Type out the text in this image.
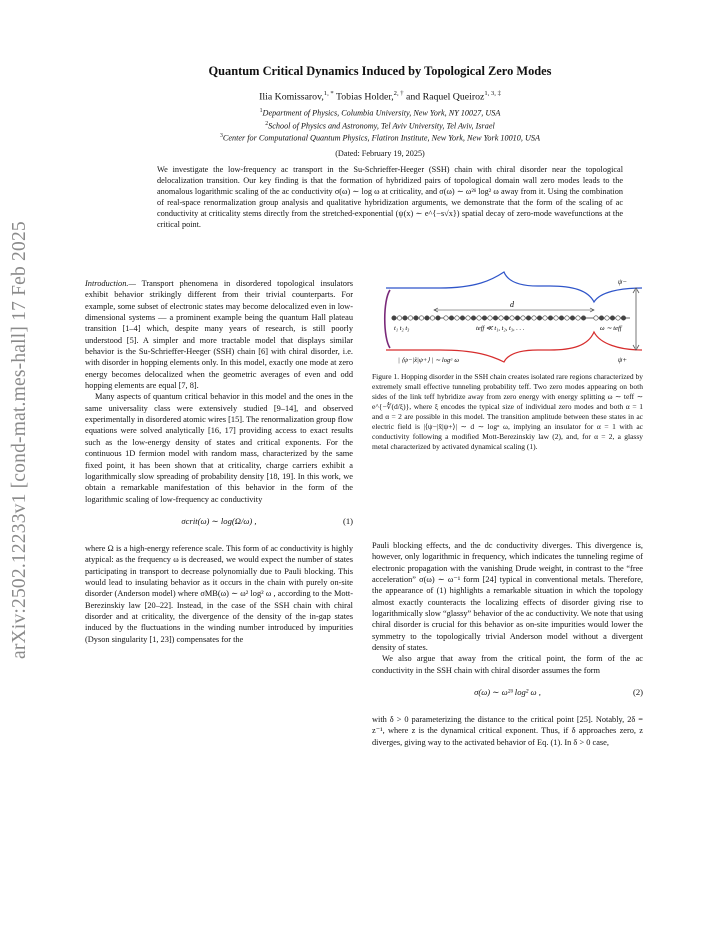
arXiv:2502.12233v1 [cond-mat.mes-hall] 17 Feb 2025
Quantum Critical Dynamics Induced by Topological Zero Modes
Ilia Komissarov,$^{1, *}$ Tobias Holder,$^{2, \dagger}$ and Raquel Queiroz$^{1, 3, \ddagger}$
$^1$Department of Physics, Columbia University, New York, NY 10027, USA
$^2$School of Physics and Astronomy, Tel Aviv University, Tel Aviv, Israel
$^3$Center for Computational Quantum Physics, Flatiron Institute, New York, New York 10010, USA
(Dated: February 19, 2025)
We investigate the low-frequency ac transport in the Su-Schrieffer-Heeger (SSH) chain with chiral disorder near the topological delocalization transition. Our key finding is that the formation of hybridized pairs of topological domain wall zero modes leads to the anomalous logarithmic scaling of the ac conductivity σ(ω) ∼ log ω at criticality, and σ(ω) ∼ ω²ᵟ log² ω away from it. Using the combination of real-space renormalization group analysis and qualitative hybridization arguments, we demonstrate that the form of the scaling of ac conductivity at criticality stems directly from the stretched-exponential (ψ(x) ∼ e^{−s√x}) spatial decay of zero-mode wavefunctions at the critical point.

Introduction.— Transport phenomena in disordered topological insulators exhibit behavior strikingly different from their trivial counterparts. For example, some subset of electronic states may become delocalized even in low-dimensional systems — a prominent example being the quantum Hall plateau transition [1–4] which, despite many years of research, is still poorly understood [5]. A simpler and more tractable model that displays similar behavior is the Su-Schrieffer-Heeger (SSH) chain [6] with chiral disorder, i.e. with disorder in hopping elements only. In this model, exactly one mode at zero energy becomes delocalized when the geometric averages of even and odd hopping elements are equal [7, 8].

Many aspects of quantum critical behavior in this model and the ones in the same universality class were extensively studied [9–14], and observed experimentally in disordered atomic wires [15]. The renormalization group flow equations were solved analytically [16, 17] providing access to exact results such as the low-energy density of states and critical exponents. For the continuous 1D fermion model with random mass, characterized by the same fixed point, it has been shown that at criticality, charge carriers exhibit a logarithmically slow spreading of probability density [18, 19]. In this work, we obtain a remarkable manifestation of this behavior in the form of the logarithmic scaling of low-frequency ac conductivity

σcrit(ω) ∼ log(Ω/ω) ,	(1)

where Ω is a high-energy reference scale. This form of ac conductivity is highly atypical: as the frequency ω is decreased, we would expect the number of states participating in transport to decrease polynomially due to Pauli blocking. This would lead to insulating behavior as it occurs in the chain with purely on-site disorder (Anderson model) where σMB(ω) ∼ ω² log² ω , according to the Mott-Berezinskiy law [20–22]. Instead, in the case of the SSH chain with chiral disorder and at criticality, the divergence of the density of the in-gap states induced by the fluctuations in the winding number introduced by impurities (Dyson singularity [1, 23]) compensates for the

d
t₁ t₂ t₃	teff ≪ t₁, t₂, t₃, . . .	ω ∼ teff
ψ−
ψ+
| ⟨ψ−|x̂|ψ+⟩ | ∼ logᵅ ω
Figure 1. Hopping disorder in the SSH chain creates isolated rare regions characterized by extremely small effective tunneling probability teff. Two zero modes appearing on both sides of the link teff hybridize away from zero energy with energy splitting ω ∼ teff ∼ e^{−∜(d/ξ)}, where ξ encodes the typical size of individual zero modes and both α = 1 and α = 2 are possible in this model. The transition amplitude between these states in ac electric field is |⟨ψ−|x̂|ψ+⟩| ∼ d ∼ logᵅ ω, implying an insulator for α = 1 with ac conductivity following a modified Mott-Berezinskiy law (2), and, for α = 2, a glassy metal characterized by activated dynamical scaling (1).

Pauli blocking effects, and the dc conductivity diverges. This divergence is, however, only logarithmic in frequency, which indicates the tunneling regime of electronic propagation with the vanishing Drude weight, in contrast to the “free acceleration” σ(ω) ∼ ω⁻¹ form [24] typical in conventional metals. Therefore, the appearance of (1) highlights a remarkable situation in which the topology almost exactly counteracts the localizing effects of disorder giving rise to logarithmically slow “glassy” behavior of the ac conductivity. We note that using chiral disorder is crucial for this behavior as on-site impurities would lower the symmetry to the topologically trivial Anderson model without a divergent density of states.

We also argue that away from the critical point, the form of the ac conductivity in the SSH chain with chiral disorder assumes the form

σ(ω) ∼ ω²ᵟ log² ω ,	(2)

with δ > 0 parameterizing the distance to the critical point [25]. Notably, 2δ = z⁻¹, where z is the dynamical critical exponent. Thus, if δ approaches zero, z diverges, giving way to the activated behavior of Eq. (1). In δ > 0 case,
